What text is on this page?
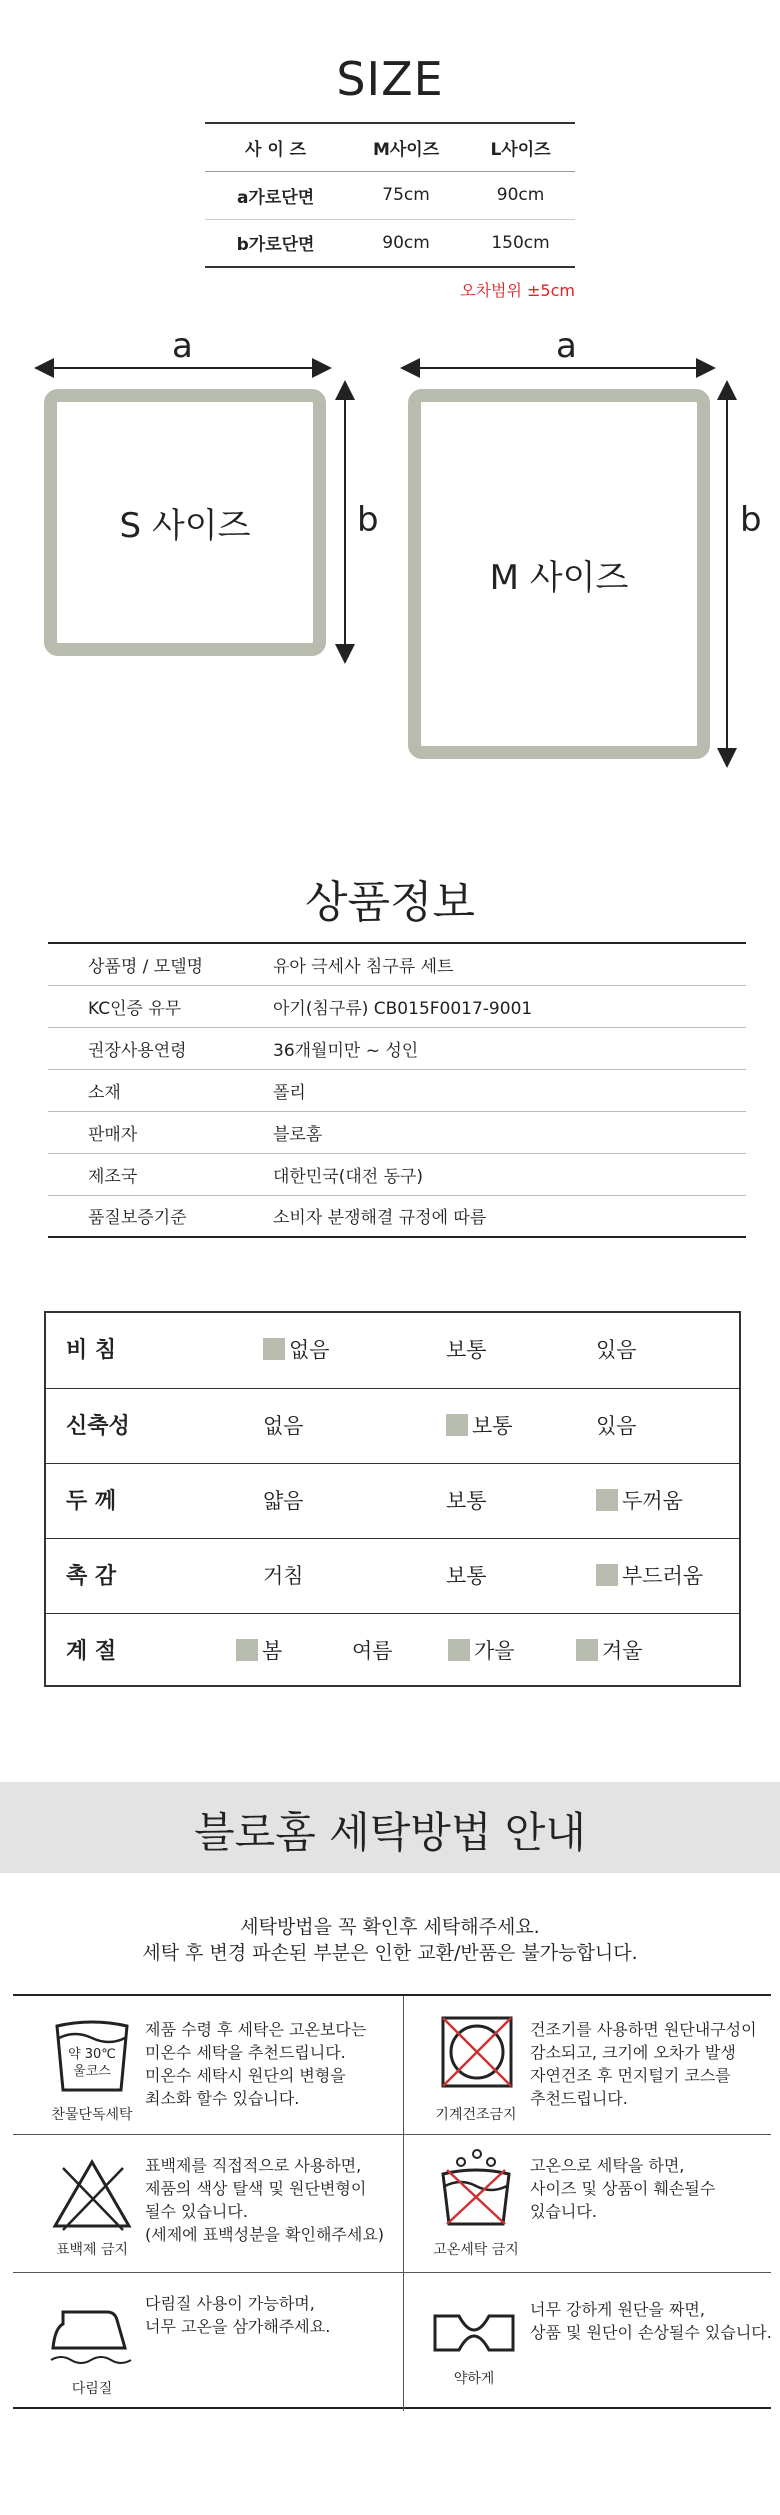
SIZE
사 이 즈	M사이즈	L사이즈
a가로단면	75cm	90cm
b가로단면	90cm	150cm
오차범위 ±5cm
a	a
b	b
S 사이즈
M 사이즈
상품정보
상품명 / 모델명	유아 극세사 침구류 세트
KC인증 유무	아기(침구류) CB015F0017-9001
권장사용연령	36개월미만 ~ 성인
소재	폴리
판매자	블로홈
제조국	대한민국(대전 동구)
품질보증기준	소비자 분쟁해결 규정에 따름
비 침	없음	보통	있음
신축성	없음	보통	있음
두 께	얇음	보통	두꺼움
촉 감	거침	보통	부드러움
계 절	봄	여름	가을	겨울
블로홈 세탁방법 안내
세탁방법을 꼭 확인후 세탁해주세요.
세탁 후 변경 파손된 부분은 인한 교환/반품은 불가능합니다.
약 30℃
울코스
찬물단독세탁
제품 수령 후 세탁은 고온보다는
미온수 세탁을 추천드립니다.
미온수 세탁시 원단의 변형을
최소화 할수 있습니다.
기계건조금지
건조기를 사용하면 원단내구성이
감소되고, 크기에 오차가 발생
자연건조 후 먼지털기 코스를
추천드립니다.
표백제 금지
표백제를 직접적으로 사용하면,
제품의 색상 탈색 및 원단변형이
될수 있습니다.
(세제에 표백성분을 확인해주세요)
고온세탁 금지
고온으로 세탁을 하면,
사이즈 및 상품이 훼손될수
있습니다.
다림질
다림질 사용이 가능하며,
너무 고온을 삼가해주세요.
약하게
너무 강하게 원단을 짜면,
상품 및 원단이 손상될수 있습니다.
